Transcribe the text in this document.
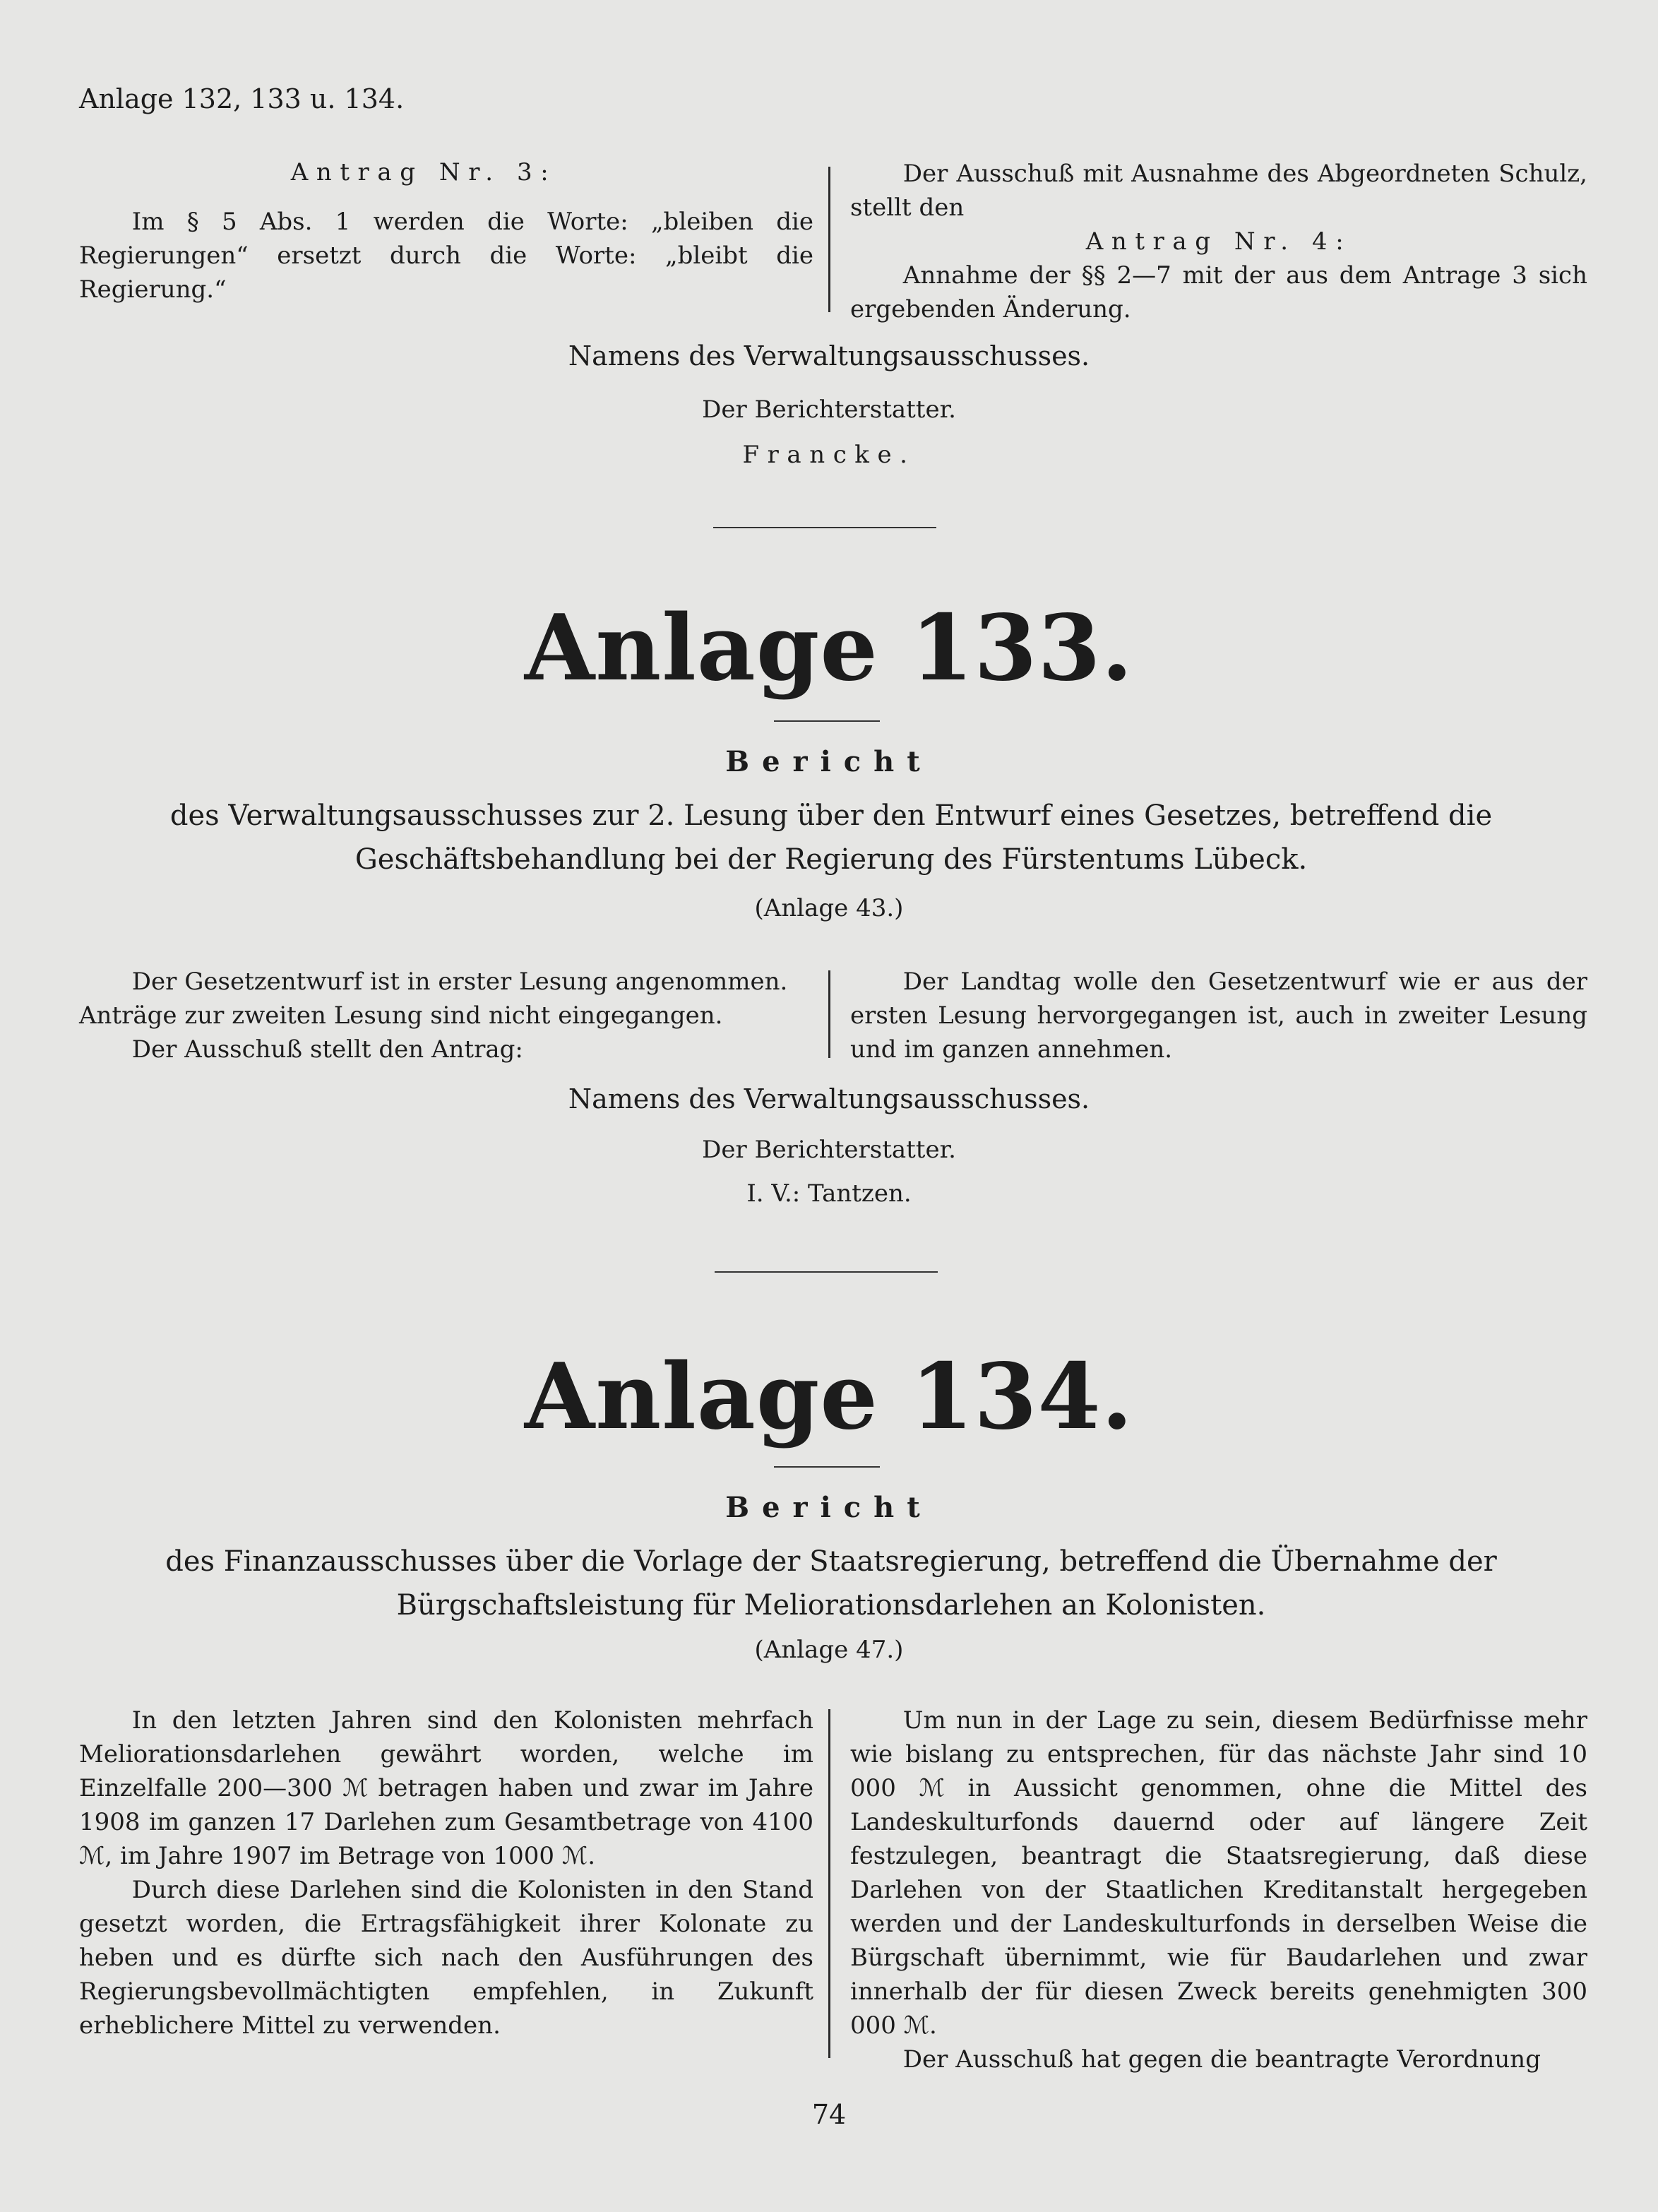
Anlage 132, 133 u. 134.

Antrag Nr. 3:

Im § 5 Abs. 1 werden die Worte: „bleiben die Regierungen“ ersetzt durch die Worte: „bleibt die Regierung.“

Der Ausschuß mit Ausnahme des Abgeordneten Schulz, stellt den

Antrag Nr. 4:

Annahme der §§ 2—7 mit der aus dem Antrage 3 sich ergebenden Änderung.

Namens des Verwaltungsausschusses.
Der Berichterstatter.
Francke.
Anlage 133.
Bericht
des Verwaltungsausschusses zur 2. Lesung über den Entwurf eines Gesetzes, betreffend die Geschäftsbehandlung bei der Regierung des Fürstentums Lübeck.
(Anlage 43.)

Der Gesetzentwurf ist in erster Lesung angenommen.

Anträge zur zweiten Lesung sind nicht eingegangen.

Der Ausschuß stellt den Antrag:

Der Landtag wolle den Gesetzentwurf wie er aus der ersten Lesung hervorgegangen ist, auch in zweiter Lesung und im ganzen annehmen.

Namens des Verwaltungsausschusses.
Der Berichterstatter.
I. V.: Tantzen.
Anlage 134.
Bericht
des Finanzausschusses über die Vorlage der Staatsregierung, betreffend die Übernahme der Bürgschaftsleistung für Meliorationsdarlehen an Kolonisten.
(Anlage 47.)

In den letzten Jahren sind den Kolonisten mehrfach Meliorationsdarlehen gewährt worden, welche im Einzelfalle 200—300 ℳ betragen haben und zwar im Jahre 1908 im ganzen 17 Darlehen zum Gesamtbetrage von 4100 ℳ, im Jahre 1907 im Betrage von 1000 ℳ.

Durch diese Darlehen sind die Kolonisten in den Stand gesetzt worden, die Ertragsfähigkeit ihrer Kolonate zu heben und es dürfte sich nach den Ausführungen des Regierungsbevollmächtigten empfehlen, in Zukunft erheblichere Mittel zu verwenden.

Um nun in der Lage zu sein, diesem Bedürfnisse mehr wie bislang zu entsprechen, für das nächste Jahr sind 10 000 ℳ in Aussicht genommen, ohne die Mittel des Landeskulturfonds dauernd oder auf längere Zeit festzulegen, beantragt die Staatsregierung, daß diese Darlehen von der Staatlichen Kreditanstalt hergegeben werden und der Landeskulturfonds in derselben Weise die Bürgschaft übernimmt, wie für Baudarlehen und zwar innerhalb der für diesen Zweck bereits genehmigten 300 000 ℳ.

Der Ausschuß hat gegen die beantragte Verordnung

74
